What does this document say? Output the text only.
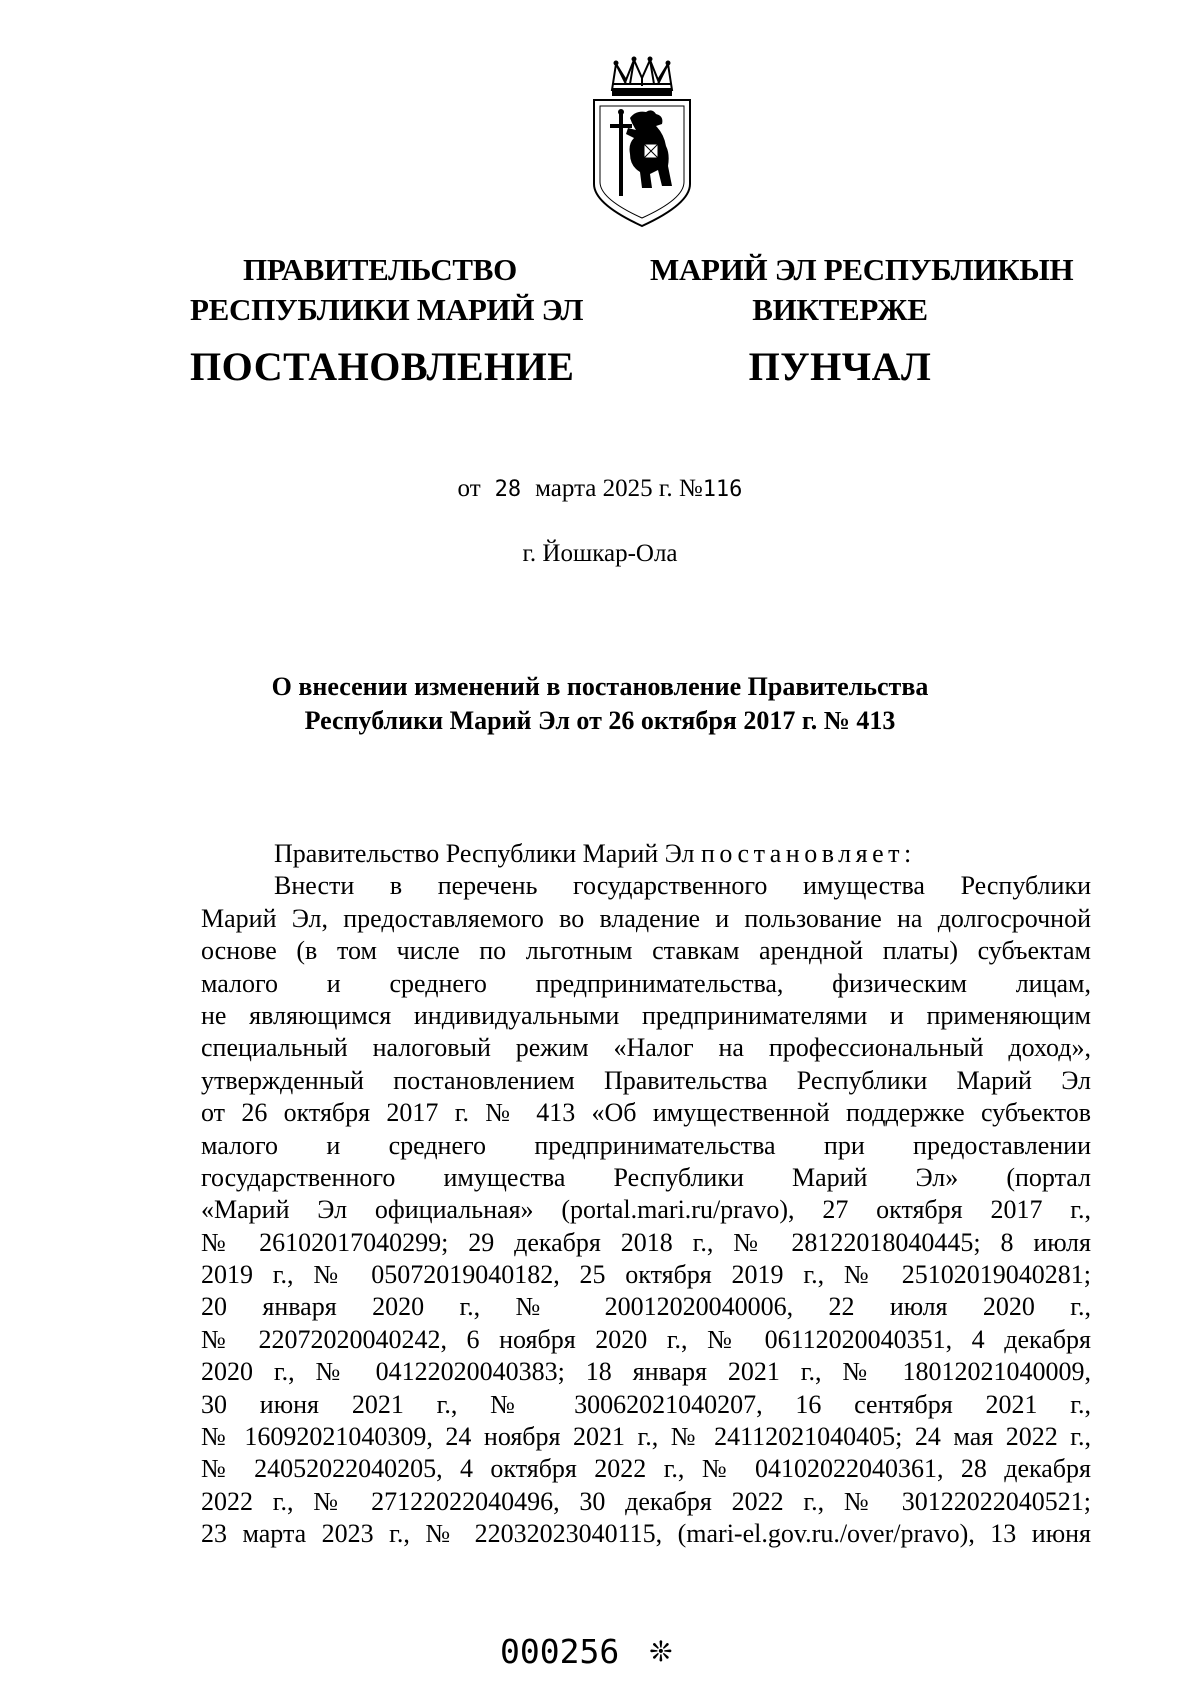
ПРАВИТЕЛЬСТВО
РЕСПУБЛИКИ МАРИЙ ЭЛ
ПОСТАНОВЛЕНИЕ
МАРИЙ ЭЛ РЕСПУБЛИКЫН
ВИКТЕРЖЕ
ПУНЧАЛ
от 28 марта 2025 г. №116
г. Йошкар-Ола
О внесении изменений в постановление Правительства
Республики Марий Эл от 26 октября 2017 г. № 413
Правительство Республики Марий Эл постановляет:
Внести в перечень государственного имущества Республики
Марий Эл, предоставляемого во владение и пользование на долгосрочной
основе (в том числе по льготным ставкам арендной платы) субъектам
малого и среднего предпринимательства, физическим лицам,
не являющимся индивидуальными предпринимателями и применяющим
специальный налоговый режим «Налог на профессиональный доход»,
утвержденный постановлением Правительства Республики Марий Эл
от 26 октября 2017 г. № 413 «Об имущественной поддержке субъектов
малого и среднего предпринимательства при предоставлении
государственного имущества Республики Марий Эл» (портал
«Марий Эл официальная» (portal.mari.ru/pravo), 27 октября 2017 г.,
№ 26102017040299; 29 декабря 2018 г., № 28122018040445; 8 июля
2019 г., № 05072019040182, 25 октября 2019 г., № 25102019040281;
20 января 2020 г., № 20012020040006, 22 июля 2020 г.,
№ 22072020040242, 6 ноября 2020 г., № 06112020040351, 4 декабря
2020 г., № 04122020040383; 18 января 2021 г., № 18012021040009,
30 июня 2021 г., № 30062021040207, 16 сентября 2021 г.,
№ 16092021040309, 24 ноября 2021 г., № 24112021040405; 24 мая 2022 г.,
№ 24052022040205, 4 октября 2022 г., № 04102022040361, 28 декабря
2022 г., № 27122022040496, 30 декабря 2022 г., № 30122022040521;
23 марта 2023 г., № 22032023040115, (mari-el.gov.ru./over/pravo), 13 июня
000256 ❊
